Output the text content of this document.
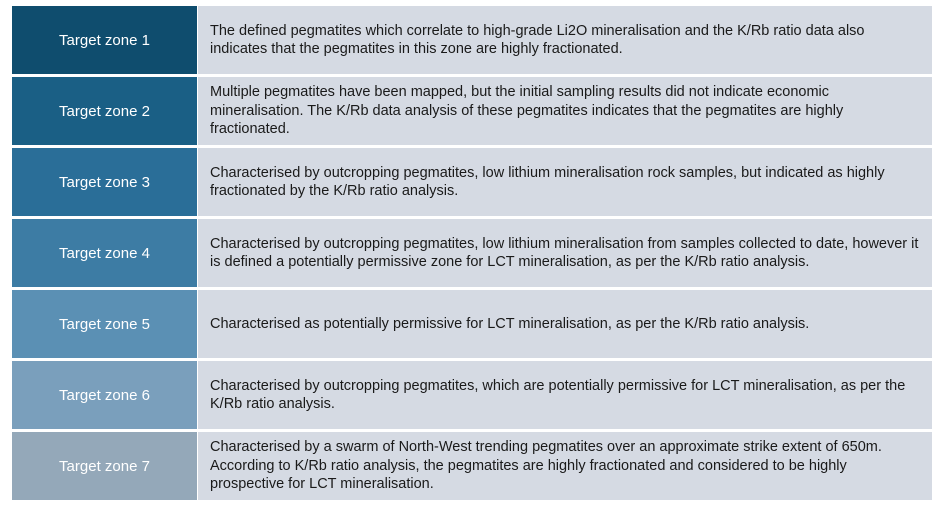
Target zone 1
The defined pegmatites which correlate to high-grade Li2O mineralisation and the K/Rb ratio data also indicates that the pegmatites in this zone are highly fractionated.
Target zone 2
Multiple pegmatites have been mapped, but the initial sampling results did not indicate economic mineralisation. The K/Rb data analysis of these pegmatites indicates that the pegmatites are highly fractionated.
Target zone 3
Characterised by outcropping pegmatites, low lithium mineralisation rock samples, but indicated as highly fractionated by the K/Rb ratio analysis.
Target zone 4
Characterised by outcropping pegmatites, low lithium mineralisation from samples collected to date, however it is defined a potentially permissive zone for LCT mineralisation, as per the K/Rb ratio analysis.
Target zone 5	Characterised as potentially permissive for LCT mineralisation, as per the K/Rb ratio analysis.
Target zone 6
Characterised by outcropping pegmatites, which are potentially permissive for LCT mineralisation, as per the K/Rb ratio analysis.
Target zone 7
Characterised by a swarm of North-West trending pegmatites over an approximate strike extent of 650m. According to K/Rb ratio analysis, the pegmatites are highly fractionated and considered to be highly prospective for LCT mineralisation.
